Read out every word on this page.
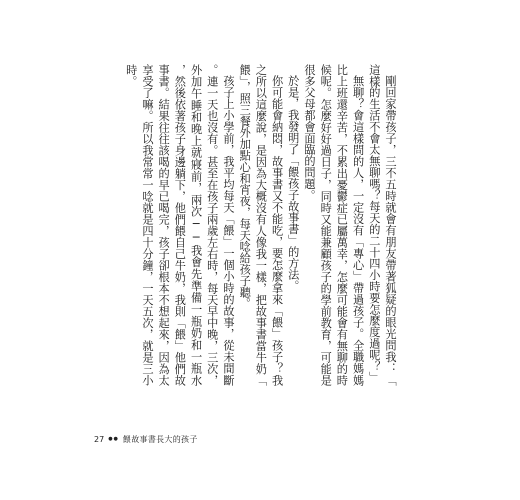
剛回家帶孩子，三不五時就會有朋友帶著狐疑的眼光問我：「這樣的生活不會太無聊嗎？每天的二十四小時要怎麼度過呢？」

無聊？會這樣問的人，一定沒有「專心」帶過孩子。全職媽媽比上班還辛苦，不累出憂鬱症已屬萬幸，怎麼可能會有無聊的時候呢。怎麼好好過日子，同時又能兼顧孩子的學前教育，可能是很多父母都會面臨的問題。

於是，我發明了「餵孩子故事書」的方法。

你可能會納悶，故事書又不能吃，要怎麼拿來「餵」孩子？我之所以這麼說，是因為大概沒有人像我一樣，把故事書當牛奶「餵」，照三餐外加點心和宵夜，每天唸給孩子聽。

孩子上小學前，我平均每天「餵」一個小時的故事，從未間斷。連一天也沒有。甚至在孩子兩歲左右時，每天早中晚，三次，外加午睡和晚上就寢前，兩次──我會先準備一瓶奶和一瓶水，然後依著孩子身邊躺下，他們餵自己牛奶，我則「餵」他們故事書。結果往往該喝的早已喝完，孩子卻根本不想起來，因為太享受了嘛。所以我常常一唸就是四十分鐘，一天五次，就是三小時。

27 ●● 餵故事書長大的孩子
